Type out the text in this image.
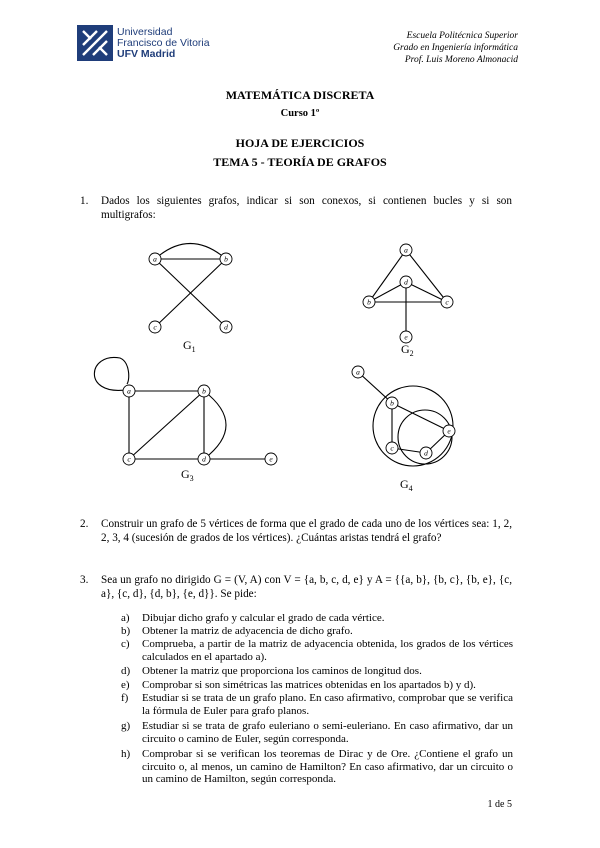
Universidad
Francisco de Vitoria
UFV Madrid
Escuela Politécnica Superior
Grado en Ingeniería informática
Prof. Luis Moreno Almonacid
MATEMÁTICA DISCRETA
Curso 1º
HOJA DE EJERCICIOS
TEMA 5 - TEORÍA DE GRAFOS
1. Dados los siguientes grafos, indicar si son conexos, si contienen bucles y si son multigrafos:
a	b
c	d
a
b	c
d
e
a	b
c	d	e
a
b
c
d
e
$G_1$	$G_2$
$G_3$	$G_4$
2. Construir un grafo de 5 vértices de forma que el grado de cada uno de los vértices sea: 1, 2, 2, 3, 4 (sucesión de grados de los vértices). ¿Cuántas aristas tendrá el grafo?
3. Sea un grafo no dirigido G = (V, A) con V = {a, b, c, d, e} y A = {{a, b}, {b, c}, {b, e}, {c, a}, {c, d}, {d, b}, {e, d}}. Se pide:
a) Dibujar dicho grafo y calcular el grado de cada vértice.
b) Obtener la matriz de adyacencia de dicho grafo.
c) Comprueba, a partir de la matriz de adyacencia obtenida, los grados de los vértices calculados en el apartado a).
d) Obtener la matriz que proporciona los caminos de longitud dos.
e) Comprobar si son simétricas las matrices obtenidas en los apartados b) y d).
f) Estudiar si se trata de un grafo plano. En caso afirmativo, comprobar que se verifica la fórmula de Euler para grafo planos.
g) Estudiar si se trata de grafo euleriano o semi-euleriano. En caso afirmativo, dar un circuito o camino de Euler, según corresponda.
h) Comprobar si se verifican los teoremas de Dirac y de Ore. ¿Contiene el grafo un circuito o, al menos, un camino de Hamilton? En caso afirmativo, dar un circuito o un camino de Hamilton, según corresponda.
1 de 5
